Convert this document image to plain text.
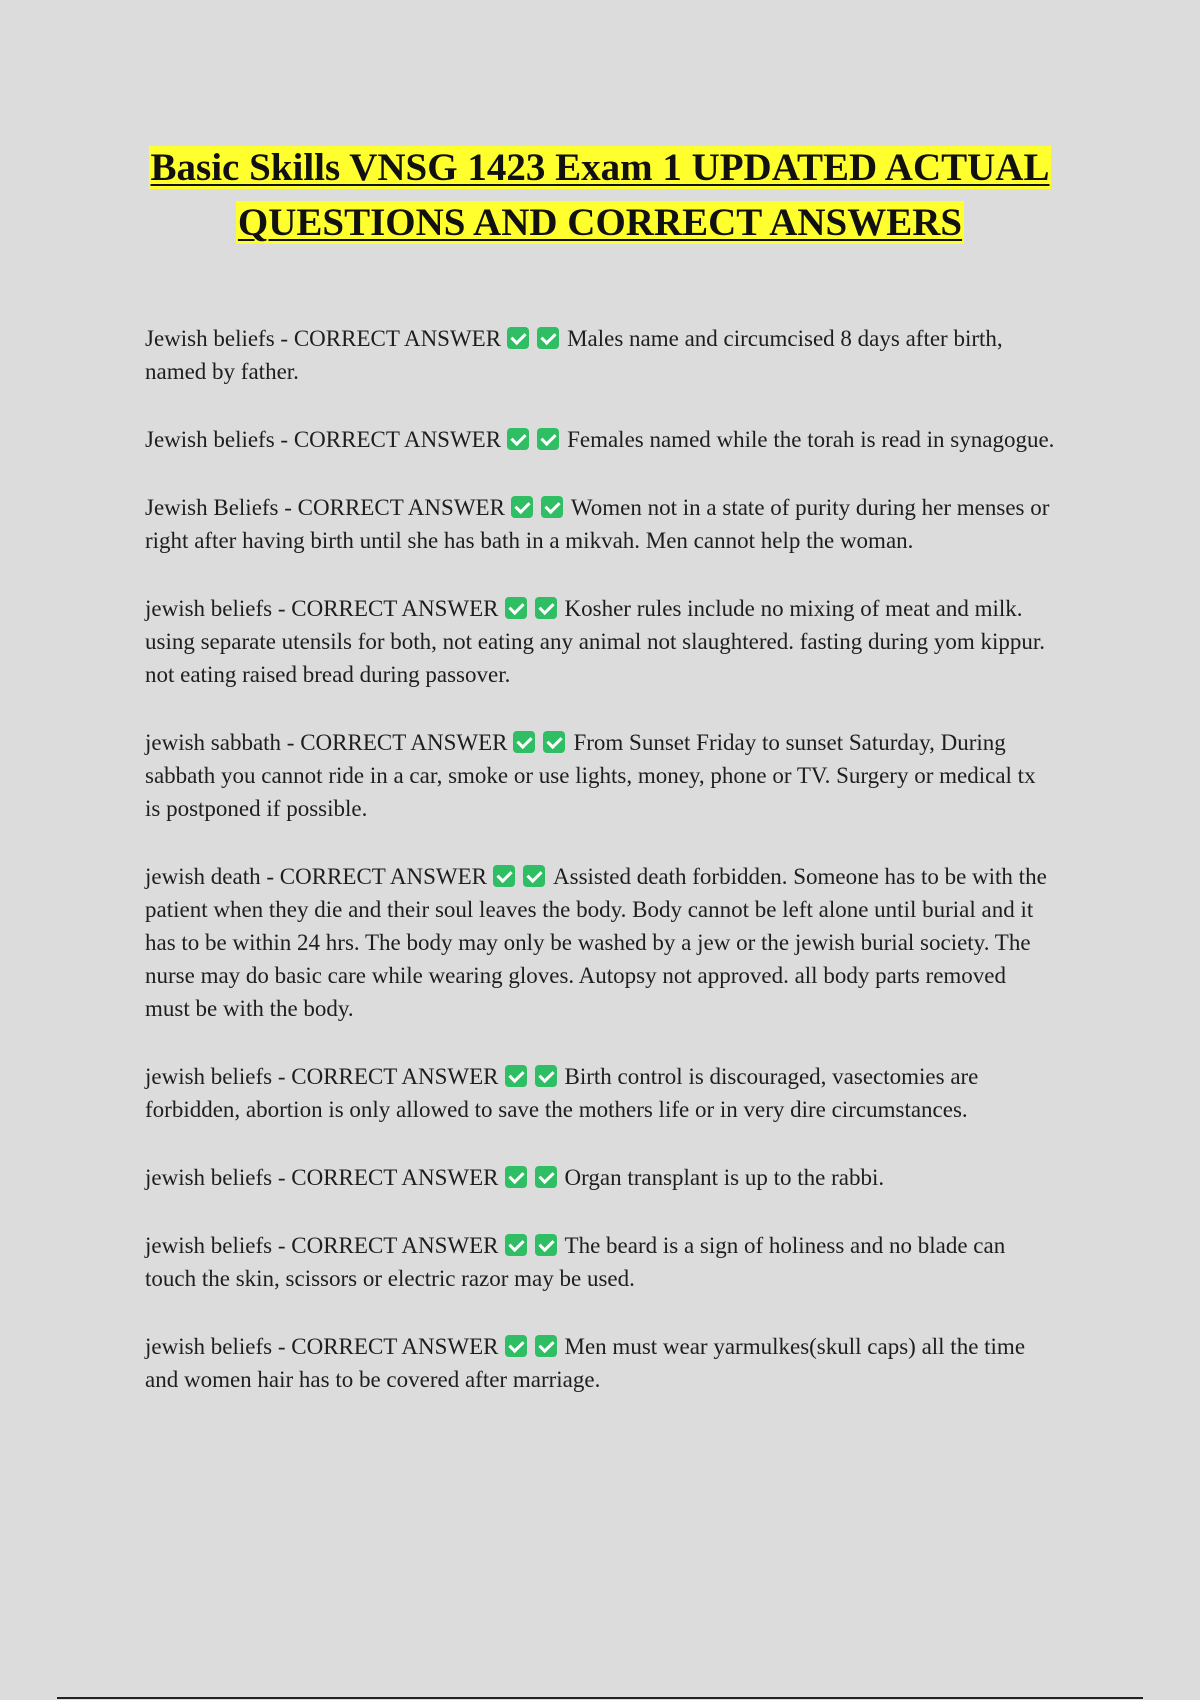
Basic Skills VNSG 1423 Exam 1 UPDATED ACTUAL QUESTIONS AND CORRECT ANSWERS

Jewish beliefs - CORRECT ANSWER	Males name and circumcised 8 days after birth, named by father.

Jewish beliefs - CORRECT ANSWER	Females named while the torah is read in synagogue.

Jewish Beliefs - CORRECT ANSWER	Women not in a state of purity during her menses or right after having birth until she has bath in a mikvah. Men cannot help the woman.

jewish beliefs - CORRECT ANSWER	Kosher rules include no mixing of meat and milk. using separate utensils for both, not eating any animal not slaughtered. fasting during yom kippur. not eating raised bread during passover.

jewish sabbath - CORRECT ANSWER	From Sunset Friday to sunset Saturday, During sabbath you cannot ride in a car, smoke or use lights, money, phone or TV. Surgery or medical tx is postponed if possible.

jewish death - CORRECT ANSWER	Assisted death forbidden. Someone has to be with the patient when they die and their soul leaves the body. Body cannot be left alone until burial and it has to be within 24 hrs. The body may only be washed by a jew or the jewish burial society. The nurse may do basic care while wearing gloves. Autopsy not approved. all body parts removed must be with the body.

jewish beliefs - CORRECT ANSWER	Birth control is discouraged, vasectomies are forbidden, abortion is only allowed to save the mothers life or in very dire circumstances.

jewish beliefs - CORRECT ANSWER	Organ transplant is up to the rabbi.

jewish beliefs - CORRECT ANSWER	The beard is a sign of holiness and no blade can touch the skin, scissors or electric razor may be used.

jewish beliefs - CORRECT ANSWER	Men must wear yarmulkes(skull caps) all the time and women hair has to be covered after marriage.
